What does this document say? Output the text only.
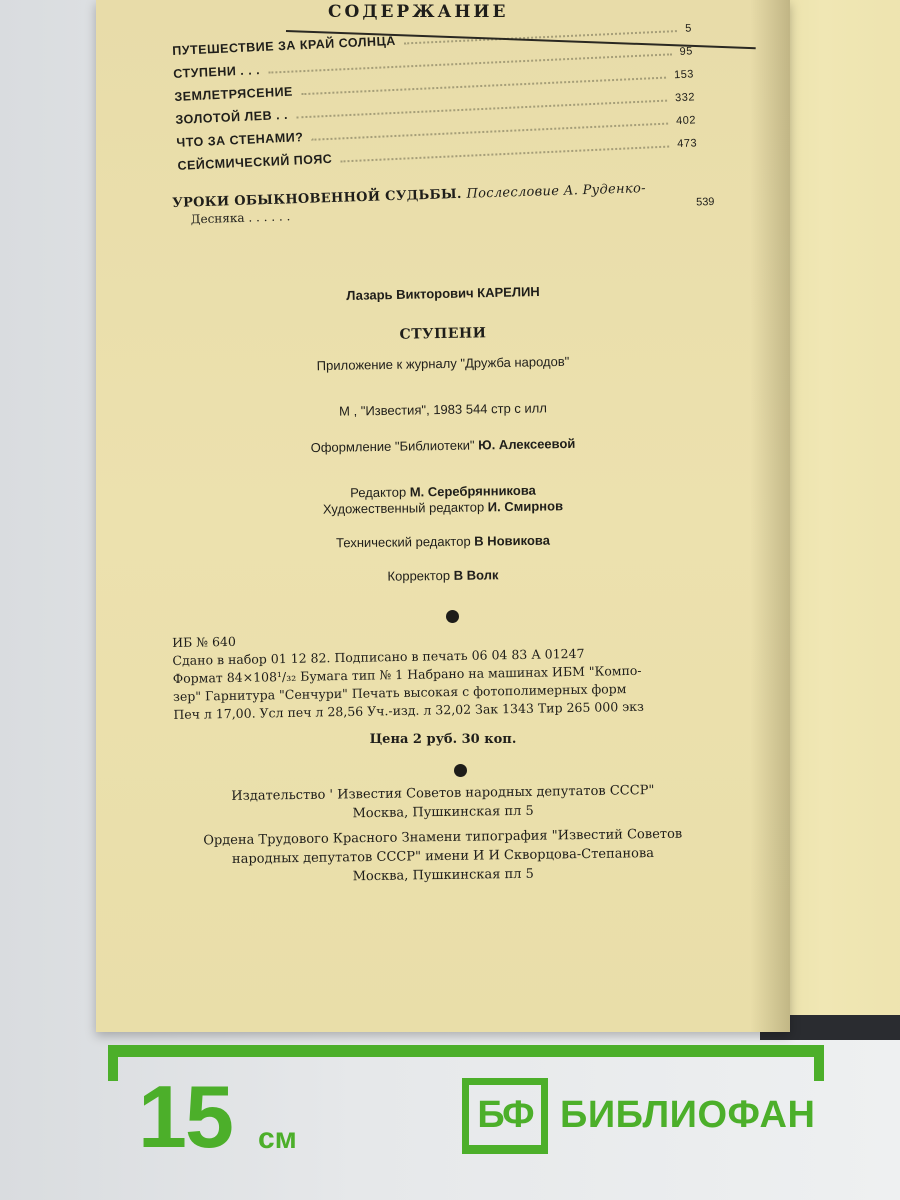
СОДЕРЖАНИЕ
ПУТЕШЕСТВИЕ ЗА КРАЙ СОЛНЦА
5
СТУПЕНИ . . .
95
ЗЕМЛЕТРЯСЕНИЕ
153
ЗОЛОТОЙ ЛЕВ . .
332
ЧТО ЗА СТЕНАМИ?
402
СЕЙСМИЧЕСКИЙ ПОЯС
473
УРОКИ ОБЫКНОВЕННОЙ СУДЬБЫ. Послесловие А. Руденко-
Десняка . . . . . .
539
Лазарь Викторович КАРЕЛИН
СТУПЕНИ
Приложение к журналу "Дружба народов"
М , "Известия", 1983 544 стр с илл
Оформление "Библиотеки" Ю. Алексеевой
Редактор М. Серебрянникова
Художественный редактор И. Смирнов
Технический редактор В Новикова
Корректор В Волк
ИБ № 640
Сдано в набор 01 12 82. Подписано в печать 06 04 83 А 01247
Формат 84×108¹/₃₂ Бумага тип № 1 Набрано на машинах ИБМ "Компо-
зер" Гарнитура "Сенчури" Печать высокая с фотополимерных форм
Печ л 17,00. Усл печ л 28,56 Уч.-изд. л 32,02 Зак 1343 Тир 265 000 экз
Цена 2 руб. 30 коп.
Издательство ' Известия Советов народных депутатов СССР"
Москва, Пушкинская пл 5
Ордена Трудового Красного Знамени типография "Известий Советов
народных депутатов СССР" имени И И Скворцова-Степанова
Москва, Пушкинская пл 5
15 см
БФ БИБЛИОФАН
